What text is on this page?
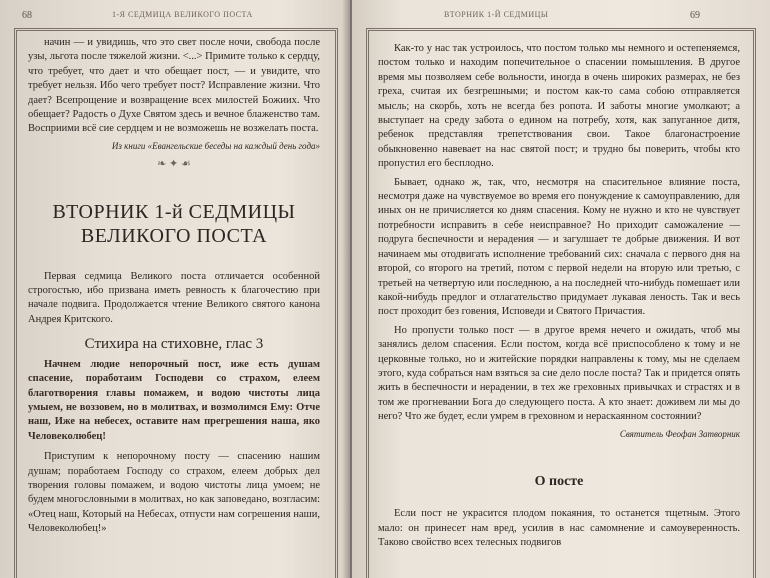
1-Я СЕДМИЦА ВЕЛИКОГО ПОСТА
68

начин — и увидишь, что это свет после ночи, свобода после узы, льгота после тяжелой жизни. <...> Примите только к сердцу, что требует, что дает и что обещает пост, — и увидите, что требует нельзя. Ибо чего требует пост? Исправление жизни. Что дает? Всепрощение и возвращение всех милостей Божиих. Что обещает? Радость о Духе Святом здесь и вечное блаженство там. Восприими всё сие сердцем и не возможешь не возжелать поста.

Из книги «Евангельские беседы на каждый день года»
❧ ✦ ☙
ВТОРНИК 1-й СЕДМИЦЫ
ВЕЛИКОГО ПОСТА

Первая седмица Великого поста отличается особенной строгостью, ибо призвана иметь ревность к благочестию при начале подвига. Продолжается чтение Великого святого канона Андрея Критского.

Стихира на стиховне, глас 3
Начнем людие непорочный пост, иже есть душам спасение, поработаим Господеви со страхом, елеем благотворения главы помажем, и водою чистоты лица умыем, не воззовем, но в молитвах, и возмолимся Ему: Отче наш, Иже на небесех, оставите нам прегрешения наша, яко Человеколюбец!

Приступим к непорочному посту — спасению нашим душам; поработаем Господу со страхом, елеем добрых дел творения головы помажем, и водою чистоты лица умоем; не будем многословными в молитвах, но как заповедано, возгласим: «Отец наш, Который на Небесах, отпусти нам согрешения наши, Человеколюбец!»

ВТОРНИК 1-Й СЕДМИЦЫ	69

Как-то у нас так устроилось, что постом только мы немного и остепеняемся, постом только и находим попечительное о спасении помышления. В другое время мы позволяем себе вольности, иногда в очень широких размерах, не без греха, считая их безгрешными; и постом как-то сама собою отправляется мысль; на скорбь, хоть не всегда без ропота. И заботы многие умолкают; а выступает на среду забота о едином на потребу, хотя, как запуганное дитя, ребенок представляя трепетствования свои. Такое благонастроение обыкновенно навевает на нас святой пост; и трудно бы поверить, чтобы кто пропустил его бесплодно.

Бывает, однако ж, так, что, несмотря на спасительное влияние поста, несмотря даже на чувствуемое во время его понуждение к самоуправлению, для иных он не причисляется ко дням спасения. Кому не нужно и кто не чувствует потребности исправить в себе неисправное? Но приходит саможаление — подруга беспечности и нерадения — и загулшает те добрые движения. И вот начинаем мы отодвигать исполнение требований сих: сначала с первого дня на второй, со второго на третий, потом с первой недели на вторую или третью, с третьей на четвертую или последнюю, а на последней что-нибудь помешает или какой-нибудь предлог и отлагательство придумает лукавая леность. Так и весь пост проходит без говения, Исповеди и Святого Причастия.

Но пропусти только пост — в другое время нечего и ожидать, чтоб мы занялись делом спасения. Если постом, когда всё приспособлено к тому и не церковные только, но и житейские порядки направлены к тому, мы не сделаем этого, куда собраться нам взяться за сие дело после поста? Так и придется опять жить в беспечности и нерадении, в тех же греховных привычках и страстях и в том же прогневании Бога до следующего поста. А кто знает: доживем ли мы до него? Что же будет, если умрем в греховном и нераскаянном состоянии?

Святитель Феофан Затворник
О посте

Если пост не украсится плодом покаяния, то останется тщетным. Этого мало: он принесет нам вред, усилив в нас самомнение и самоуверенность. Таково свойство всех телесных подвигов
